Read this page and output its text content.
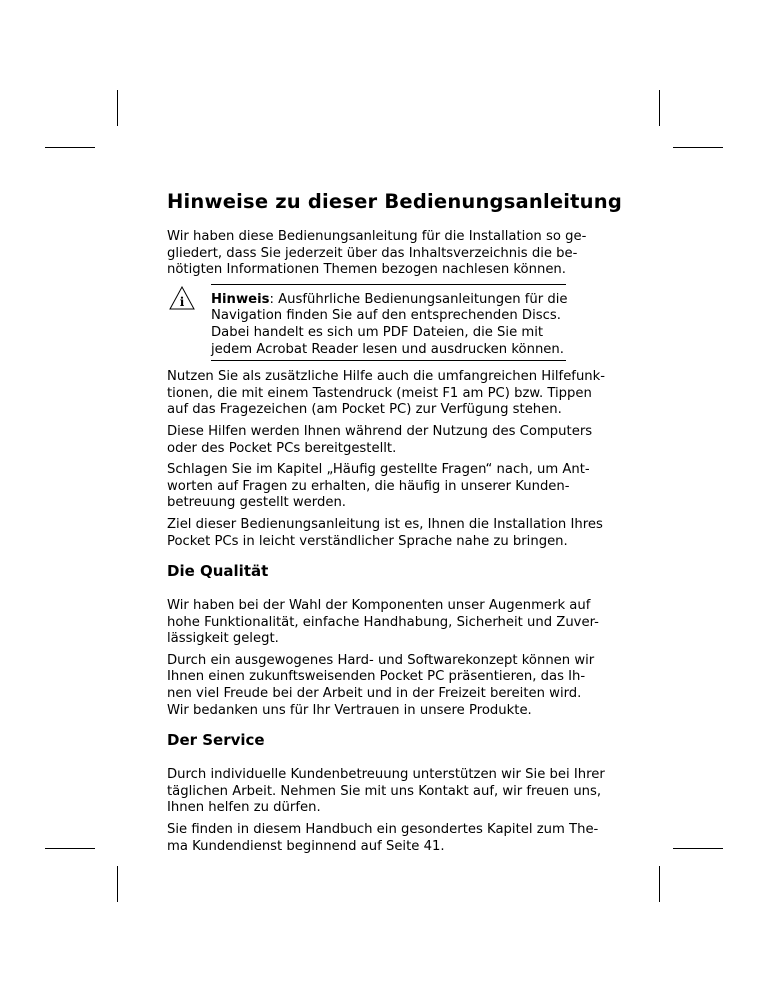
Hinweise zu dieser Bedienungsanleitung

Wir haben diese Bedienungsanleitung für die Installation so ge-
gliedert, dass Sie jederzeit über das Inhaltsverzeichnis die be-
nötigten Informationen Themen bezogen nachlesen können.

i Hinweis: Ausführliche Bedienungsanleitungen für die
Navigation finden Sie auf den entsprechenden Discs.
Dabei handelt es sich um PDF Dateien, die Sie mit
jedem Acrobat Reader lesen und ausdrucken können.

Nutzen Sie als zusätzliche Hilfe auch die umfangreichen Hilfefunk-
tionen, die mit einem Tastendruck (meist F1 am PC) bzw. Tippen
auf das Fragezeichen (am Pocket PC) zur Verfügung stehen.

Diese Hilfen werden Ihnen während der Nutzung des Computers
oder des Pocket PCs bereitgestellt.

Schlagen Sie im Kapitel „Häufig gestellte Fragen“ nach, um Ant-
worten auf Fragen zu erhalten, die häufig in unserer Kunden-
betreuung gestellt werden.

Ziel dieser Bedienungsanleitung ist es, Ihnen die Installation Ihres
Pocket PCs in leicht verständlicher Sprache nahe zu bringen.

Die Qualität

Wir haben bei der Wahl der Komponenten unser Augenmerk auf
hohe Funktionalität, einfache Handhabung, Sicherheit und Zuver-
lässigkeit gelegt.

Durch ein ausgewogenes Hard- und Softwarekonzept können wir
Ihnen einen zukunftsweisenden Pocket PC präsentieren, das Ih-
nen viel Freude bei der Arbeit und in der Freizeit bereiten wird.
Wir bedanken uns für Ihr Vertrauen in unsere Produkte.

Der Service

Durch individuelle Kundenbetreuung unterstützen wir Sie bei Ihrer
täglichen Arbeit. Nehmen Sie mit uns Kontakt auf, wir freuen uns,
Ihnen helfen zu dürfen.

Sie finden in diesem Handbuch ein gesondertes Kapitel zum The-
ma Kundendienst beginnend auf Seite 41.
